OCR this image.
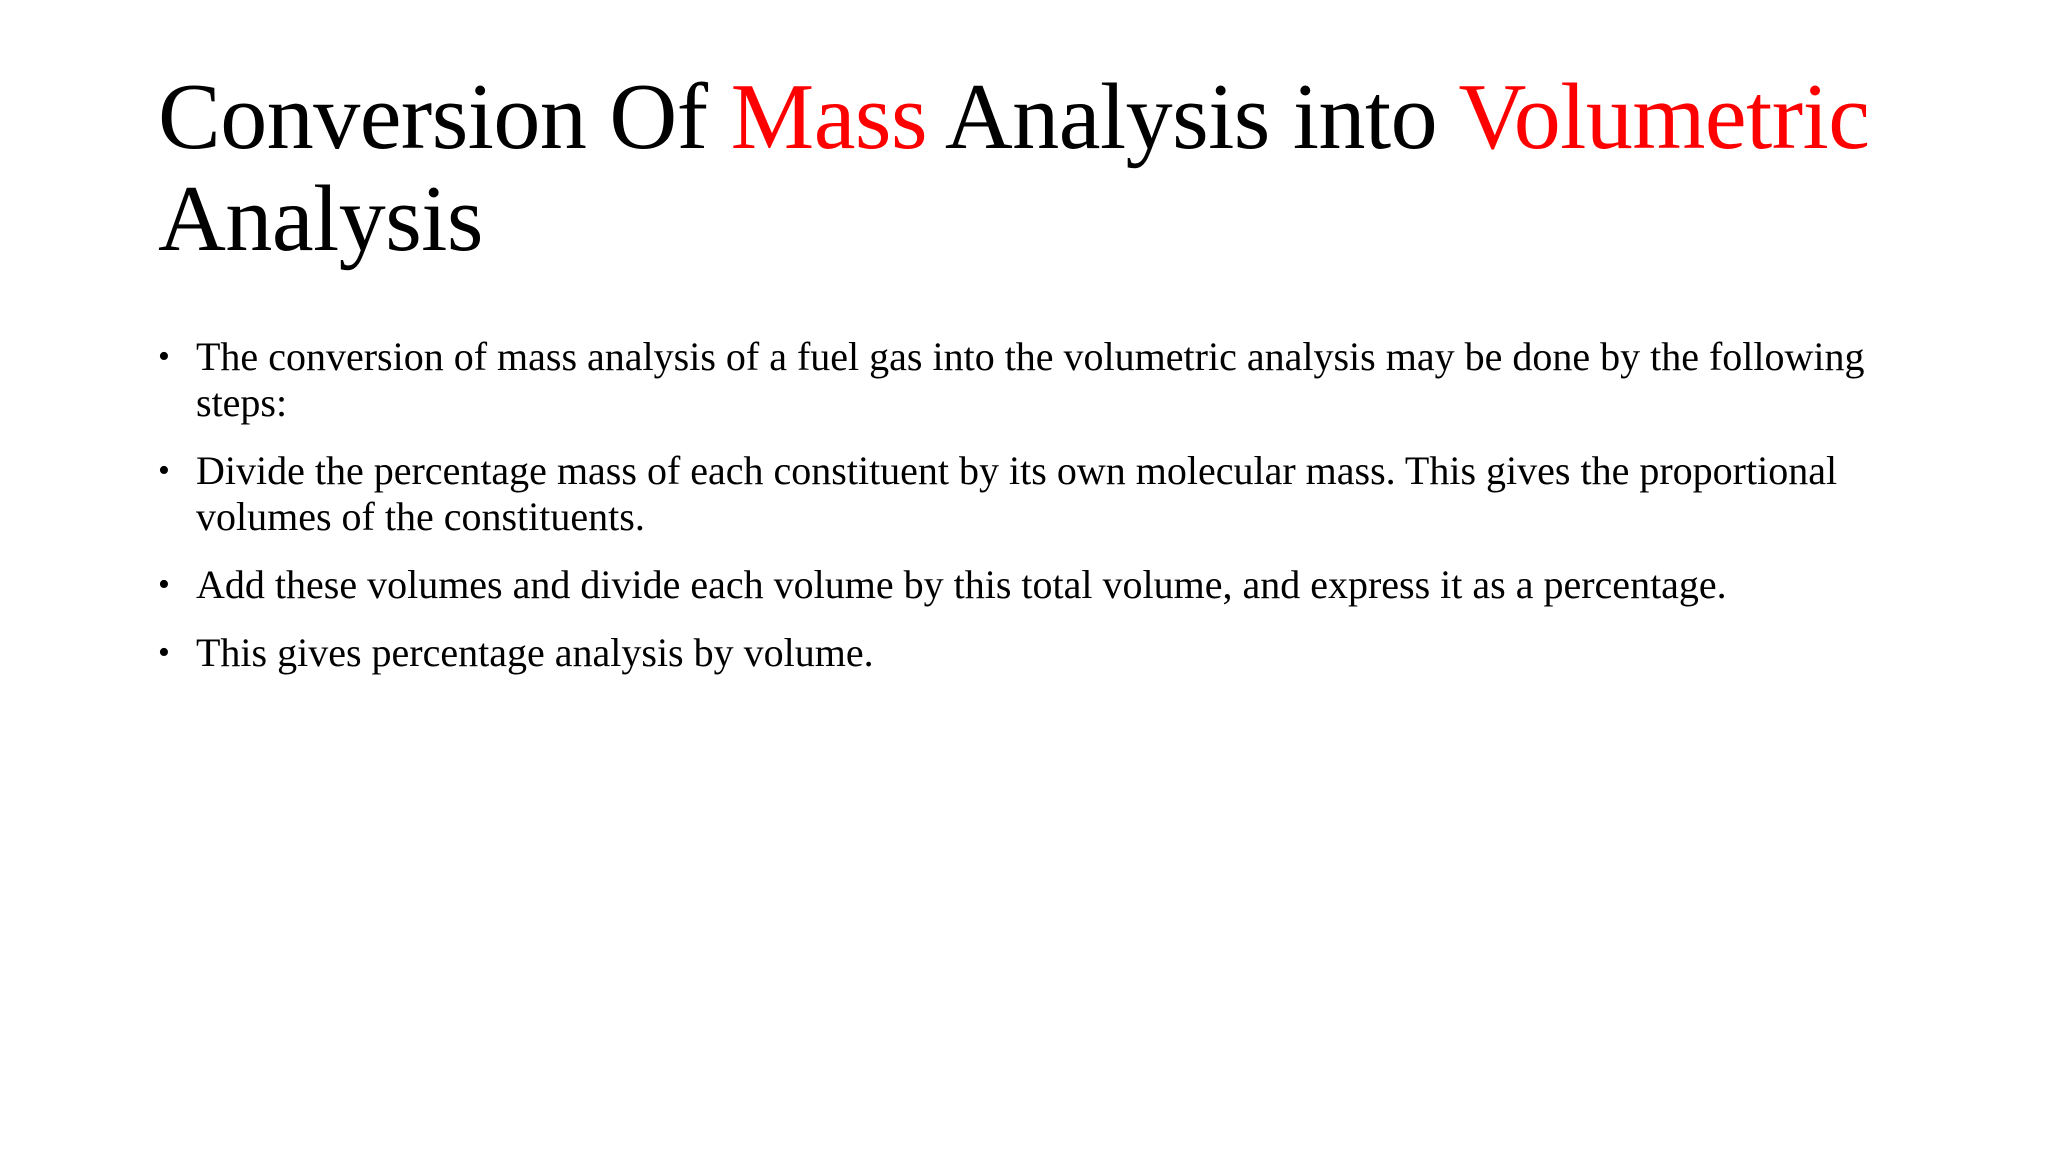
Conversion Of Mass Analysis into Volumetric Analysis
• The conversion of mass analysis of a fuel gas into the volumetric analysis may be done by the following steps:
• Divide the percentage mass of each constituent by its own molecular mass. This gives the proportional volumes of the constituents.
• Add these volumes and divide each volume by this total volume, and express it as a percentage.
• This gives percentage analysis by volume.
